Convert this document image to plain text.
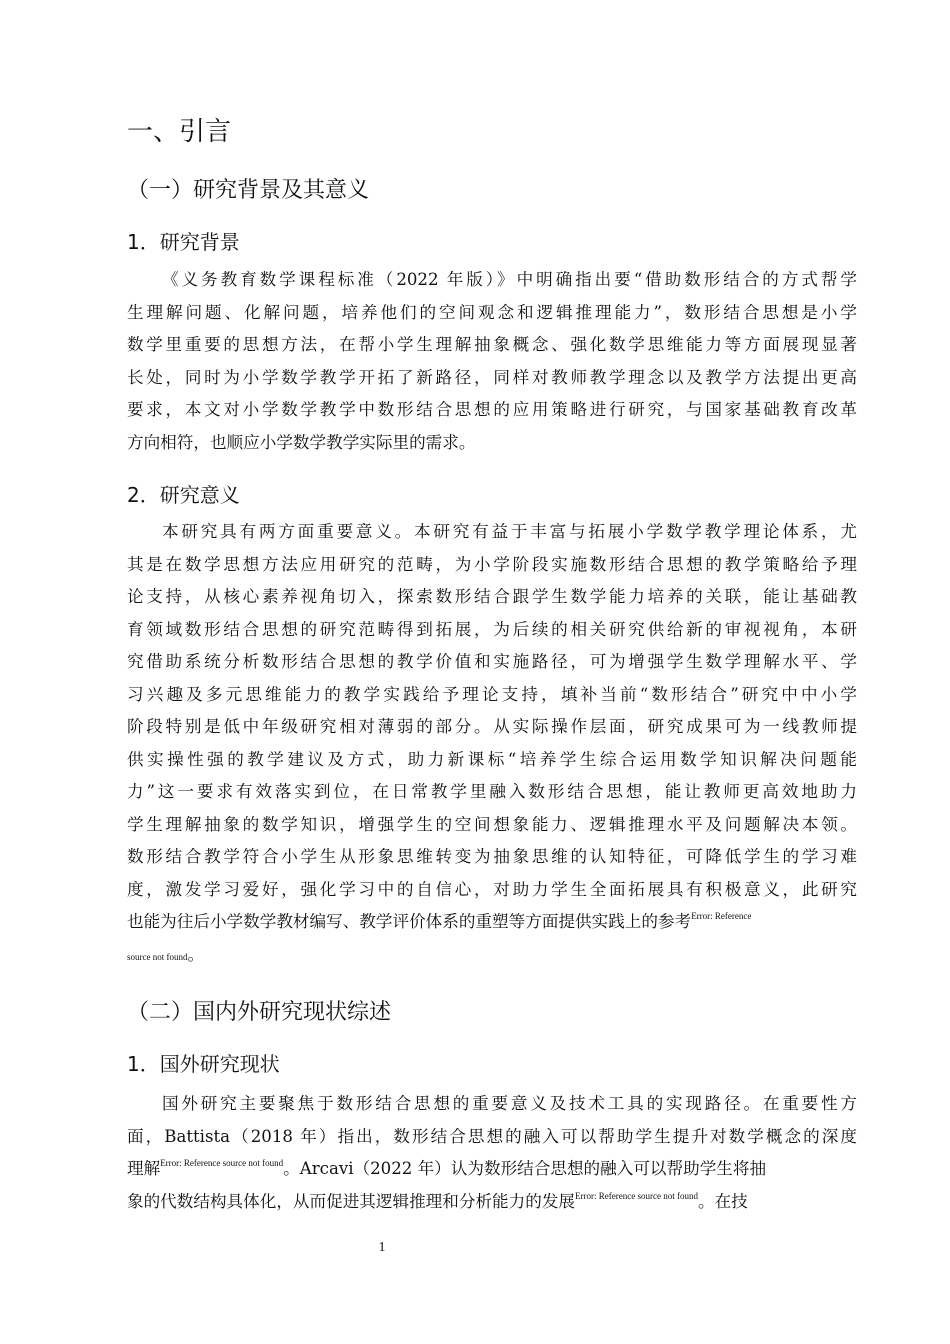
一、引言
（一）研究背景及其意义
1．研究背景
《义务教育数学课程标准（2022 年版）》中明确指出要“借助数形结合的方式帮学
生理解问题、化解问题，培养他们的空间观念和逻辑推理能力”，数形结合思想是小学
数学里重要的思想方法，在帮小学生理解抽象概念、强化数学思维能力等方面展现显著
长处，同时为小学数学教学开拓了新路径，同样对教师教学理念以及教学方法提出更高
要求，本文对小学数学教学中数形结合思想的应用策略进行研究，与国家基础教育改革
方向相符，也顺应小学数学教学实际里的需求。
2．研究意义
本研究具有两方面重要意义。本研究有益于丰富与拓展小学数学教学理论体系，尤
其是在数学思想方法应用研究的范畴，为小学阶段实施数形结合思想的教学策略给予理
论支持，从核心素养视角切入，探索数形结合跟学生数学能力培养的关联，能让基础教
育领域数形结合思想的研究范畴得到拓展，为后续的相关研究供给新的审视视角，本研
究借助系统分析数形结合思想的教学价值和实施路径，可为增强学生数学理解水平、学
习兴趣及多元思维能力的教学实践给予理论支持，填补当前“数形结合”研究中中小学
阶段特别是低中年级研究相对薄弱的部分。从实际操作层面，研究成果可为一线教师提
供实操性强的教学建议及方式，助力新课标“培养学生综合运用数学知识解决问题能
力”这一要求有效落实到位，在日常教学里融入数形结合思想，能让教师更高效地助力
学生理解抽象的数学知识，增强学生的空间想象能力、逻辑推理水平及问题解决本领。
数形结合教学符合小学生从形象思维转变为抽象思维的认知特征，可降低学生的学习难
度，激发学习爱好，强化学习中的自信心，对助力学生全面拓展具有积极意义，此研究
也能为往后小学数学教材编写、教学评价体系的重塑等方面提供实践上的参考$^{Error: Reference}$
source not found。
（二）国内外研究现状综述
1．国外研究现状
国外研究主要聚焦于数形结合思想的重要意义及技术工具的实现路径。在重要性方
面，Battista（2018 年）指出，数形结合思想的融入可以帮助学生提升对数学概念的深度
理解$^{Error: Reference source not found}$。Arcavi（2022 年）认为数形结合思想的融入可以帮助学生将抽
象的代数结构具体化，从而促进其逻辑推理和分析能力的发展$^{Error: Reference source not found}$。在技
1
